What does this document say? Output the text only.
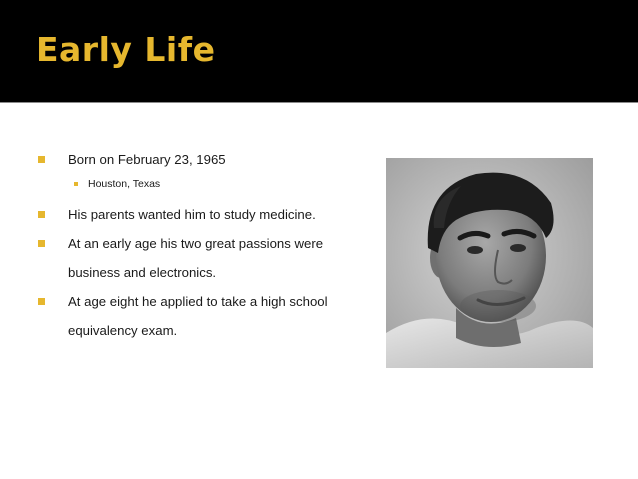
Early Life
Born on February 23, 1965
Houston, Texas
His parents wanted him to study medicine.
At an early age his two great passions were business and electronics.
At age eight he applied to take a high school equivalency exam.
